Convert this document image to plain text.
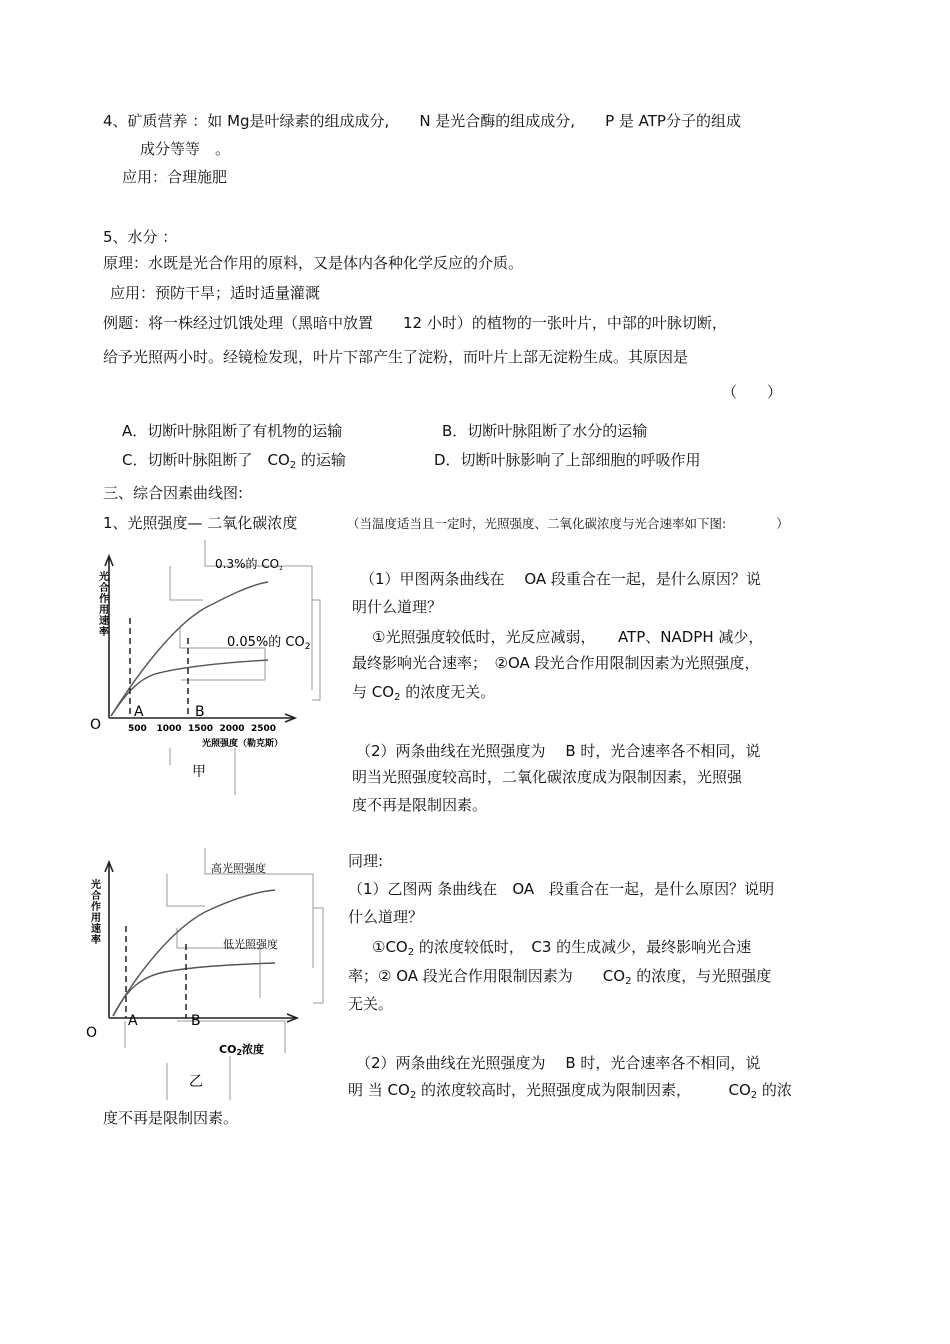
4、矿质营养 ：如 Mg是叶绿素的组成成分,　　N 是光合酶的组成成分,　　P 是 ATP分子的组成
成分等等　。
应用：合理施肥
5、水分 ：
原理：水既是光合作用的原料，又是体内各种化学反应的介质。
应用：预防干旱；适时适量灌溉
例题：将一株经过饥饿处理（黑暗中放置　　12 小时）的植物的一张叶片，中部的叶脉切断，
给予光照两小时。经镜检发现，叶片下部产生了淀粉，而叶片上部无淀粉生成。其原因是
（　　）
A．切断叶脉阻断了有机物的运输	B．切断叶脉阻断了水分的运输
C．切断叶脉阻断了　$CO_2$ 的运输	D．切断叶脉影响了上部细胞的呼吸作用
三、综合因素曲线图:
1、光照强度— 二氧化碳浓度	（当温度适当且一定时，光照强度、二氧化碳浓度与光合速率如下图:　　　　）
光
合
作
用
速
率
0.3%的 CO₂
0.05%的 $CO_2$
A	B
O	500 1000 1500 2000 2500
光照强度（勒克斯）
甲
（1）甲图两条曲线在　 OA 段重合在一起，是什么原因？说
明什么道理？
①光照强度较低时，光反应减弱，　　ATP、NADPH 减少，
最终影响光合速率；　②OA 段光合作用限制因素为光照强度，
与 $CO_2$ 的浓度无关。
（2）两条曲线在光照强度为　 B 时，光合速率各不相同，说
明当光照强度较高时，二氧化碳浓度成为限制因素，光照强
度不再是限制因素。
光
合
作
用
速
率
高光照强度
低光照强度
A	B
O
CO2浓度
乙
同理:
（1）乙图两 条曲线在　OA　段重合在一起，是什么原因？说明
什么道理？
$①CO_2$ 的浓度较低时，　C3 的生成减少，最终影响光合速
率；② OA 段光合作用限制因素为　　$CO_2$ 的浓度，与光照强度
无关。
（2）两条曲线在光照强度为　 B 时，光合速率各不相同，说
明 当 $CO_2$ 的浓度较高时，光照强度成为限制因素，　　　$CO_2$ 的浓
度不再是限制因素。
